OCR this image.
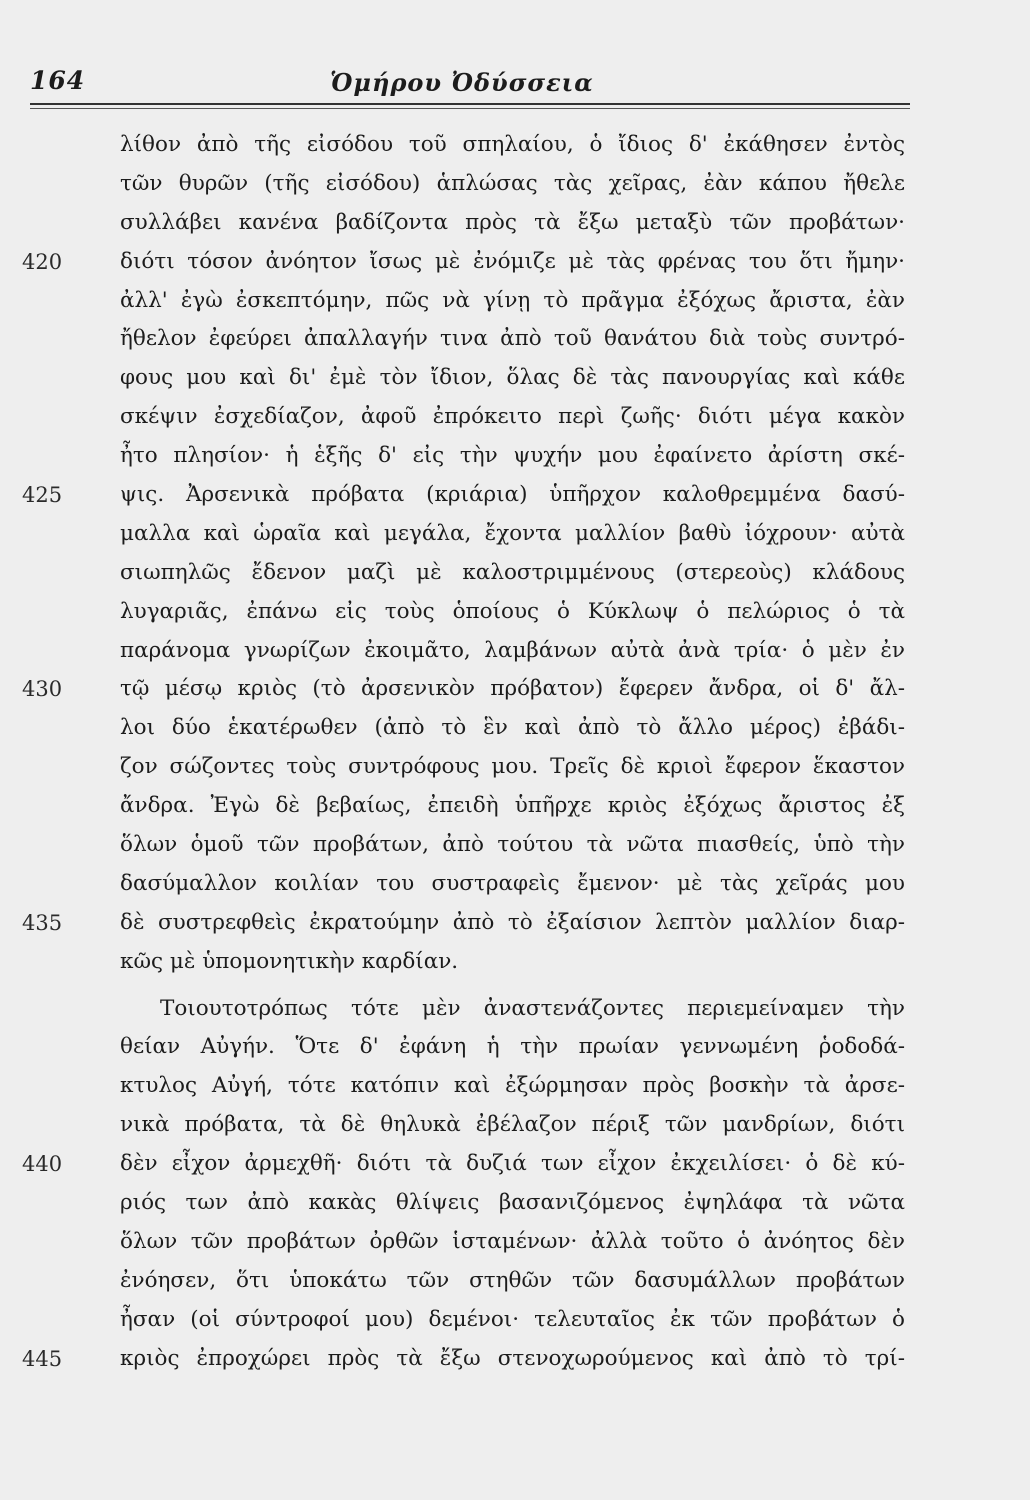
164	Ὁμήρου Ὀδύσσεια
λίθον ἀπὸ τῆς εἰσόδου τοῦ σπηλαίου, ὁ ἴδιος δ' ἐκάθησεν ἐντὸς
τῶν θυρῶν (τῆς εἰσόδου) ἁπλώσας τὰς χεῖρας, ἐὰν κάπου ἤθελε
συλλάβει κανένα βαδίζοντα πρὸς τὰ ἔξω μεταξὺ τῶν προβάτων·
420	διότι τόσον ἀνόητον ἴσως μὲ ἐνόμιζε μὲ τὰς φρένας του ὅτι ἤμην·
ἀλλ' ἐγὼ ἐσκεπτόμην, πῶς νὰ γίνῃ τὸ πρᾶγμα ἐξόχως ἄριστα, ἐὰν
ἤθελον ἐφεύρει ἀπαλλαγήν τινα ἀπὸ τοῦ θανάτου διὰ τοὺς συντρό-
φους μου καὶ δι' ἐμὲ τὸν ἴδιον, ὅλας δὲ τὰς πανουργίας καὶ κάθε
σκέψιν ἐσχεδίαζον, ἀφοῦ ἐπρόκειτο περὶ ζωῆς· διότι μέγα κακὸν
ἦτο πλησίον· ἡ ἑξῆς δ' εἰς τὴν ψυχήν μου ἐφαίνετο ἀρίστη σκέ-
425	ψις. Ἀρσενικὰ πρόβατα (κριάρια) ὑπῆρχον καλοθρεμμένα δασύ-
μαλλα καὶ ὡραῖα καὶ μεγάλα, ἔχοντα μαλλίον βαθὺ ἰόχρουν· αὐτὰ
σιωπηλῶς ἔδενον μαζὶ μὲ καλοστριμμένους (στερεοὺς) κλάδους
λυγαριᾶς, ἐπάνω εἰς τοὺς ὁποίους ὁ Κύκλωψ ὁ πελώριος ὁ τὰ
παράνομα γνωρίζων ἐκοιμᾶτο, λαμβάνων αὐτὰ ἀνὰ τρία· ὁ μὲν ἐν
430	τῷ μέσῳ κριὸς (τὸ ἀρσενικὸν πρόβατον) ἔφερεν ἄνδρα, οἱ δ' ἄλ-
λοι δύο ἑκατέρωθεν (ἀπὸ τὸ ἓν καὶ ἀπὸ τὸ ἄλλο μέρος) ἐβάδι-
ζον σώζοντες τοὺς συντρόφους μου. Τρεῖς δὲ κριοὶ ἔφερον ἕκαστον
ἄνδρα. Ἐγὼ δὲ βεβαίως, ἐπειδὴ ὑπῆρχε κριὸς ἐξόχως ἄριστος ἐξ
ὅλων ὁμοῦ τῶν προβάτων, ἀπὸ τούτου τὰ νῶτα πιασθείς, ὑπὸ τὴν
δασύμαλλον κοιλίαν του συστραφεὶς ἔμενον· μὲ τὰς χεῖράς μου
435	δὲ συστρεφθεὶς ἐκρατούμην ἀπὸ τὸ ἐξαίσιον λεπτὸν μαλλίον διαρ-
κῶς μὲ ὑπομονητικὴν καρδίαν.
Τοιουτοτρόπως τότε μὲν ἀναστενάζοντες περιεμείναμεν τὴν
θείαν Αὐγήν. Ὅτε δ' ἐφάνη ἡ τὴν πρωίαν γεννωμένη ῥοδοδά-
κτυλος Αὐγή, τότε κατόπιν καὶ ἐξώρμησαν πρὸς βοσκὴν τὰ ἀρσε-
νικὰ πρόβατα, τὰ δὲ θηλυκὰ ἐβέλαζον πέριξ τῶν μανδρίων, διότι
440	δὲν εἶχον ἀρμεχθῆ· διότι τὰ δυζιά των εἶχον ἐκχειλίσει· ὁ δὲ κύ-
ριός των ἀπὸ κακὰς θλίψεις βασανιζόμενος ἐψηλάφα τὰ νῶτα
ὅλων τῶν προβάτων ὀρθῶν ἱσταμένων· ἀλλὰ τοῦτο ὁ ἀνόητος δὲν
ἐνόησεν, ὅτι ὑποκάτω τῶν στηθῶν τῶν δασυμάλλων προβάτων
ἦσαν (οἱ σύντροφοί μου) δεμένοι· τελευταῖος ἐκ τῶν προβάτων ὁ
445	κριὸς ἐπροχώρει πρὸς τὰ ἔξω στενοχωρούμενος καὶ ἀπὸ τὸ τρί-
